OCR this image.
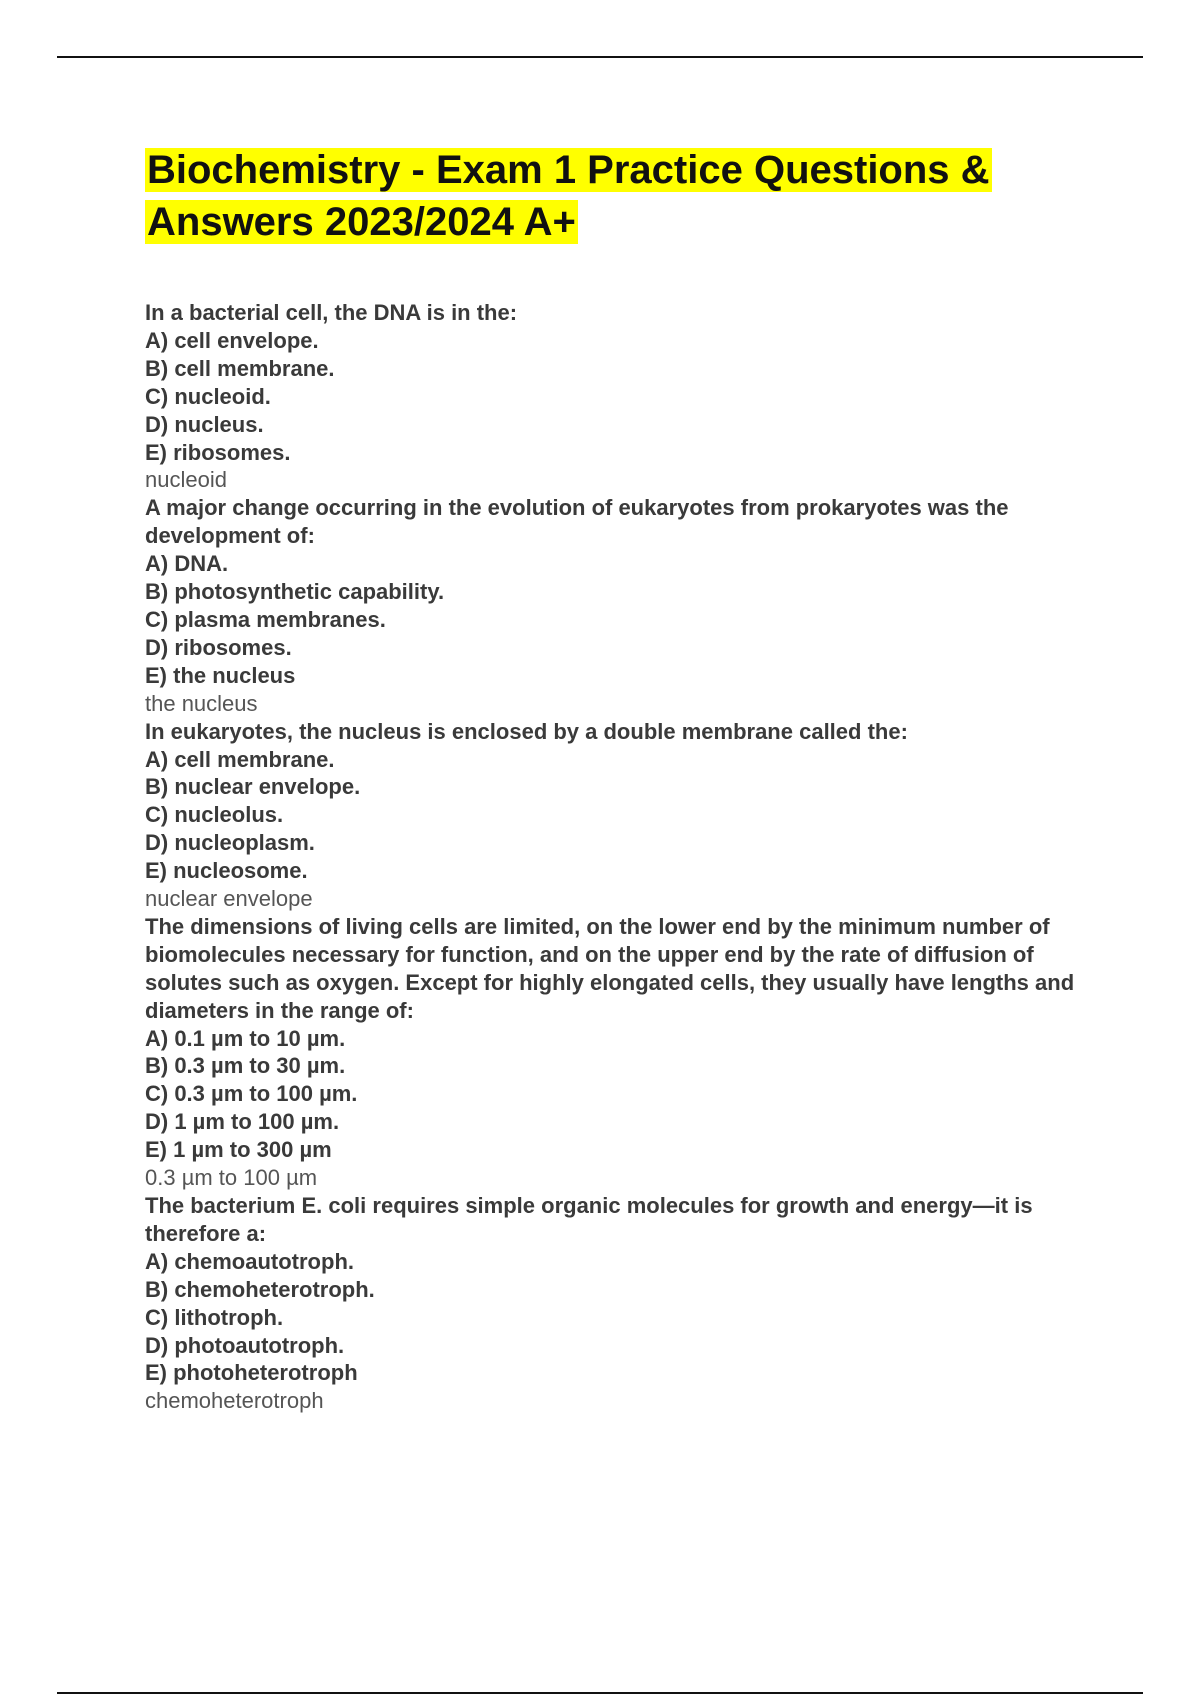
Biochemistry - Exam 1 Practice Questions & Answers 2023/2024 A+

In a bacterial cell, the DNA is in the:

A) cell envelope.

B) cell membrane.

C) nucleoid.

D) nucleus.

E) ribosomes.

nucleoid

A major change occurring in the evolution of eukaryotes from prokaryotes was the development of:

A) DNA.

B) photosynthetic capability.

C) plasma membranes.

D) ribosomes.

E) the nucleus

the nucleus

In eukaryotes, the nucleus is enclosed by a double membrane called the:

A) cell membrane.

B) nuclear envelope.

C) nucleolus.

D) nucleoplasm.

E) nucleosome.

nuclear envelope

The dimensions of living cells are limited, on the lower end by the minimum number of biomolecules necessary for function, and on the upper end by the rate of diffusion of solutes such as oxygen. Except for highly elongated cells, they usually have lengths and diameters in the range of:

A) 0.1 µm to 10 µm.

B) 0.3 µm to 30 µm.

C) 0.3 µm to 100 µm.

D) 1 µm to 100 µm.

E) 1 µm to 300 µm

0.3 µm to 100 µm

The bacterium E. coli requires simple organic molecules for growth and energy—it is therefore a:

A) chemoautotroph.

B) chemoheterotroph.

C) lithotroph.

D) photoautotroph.

E) photoheterotroph

chemoheterotroph
